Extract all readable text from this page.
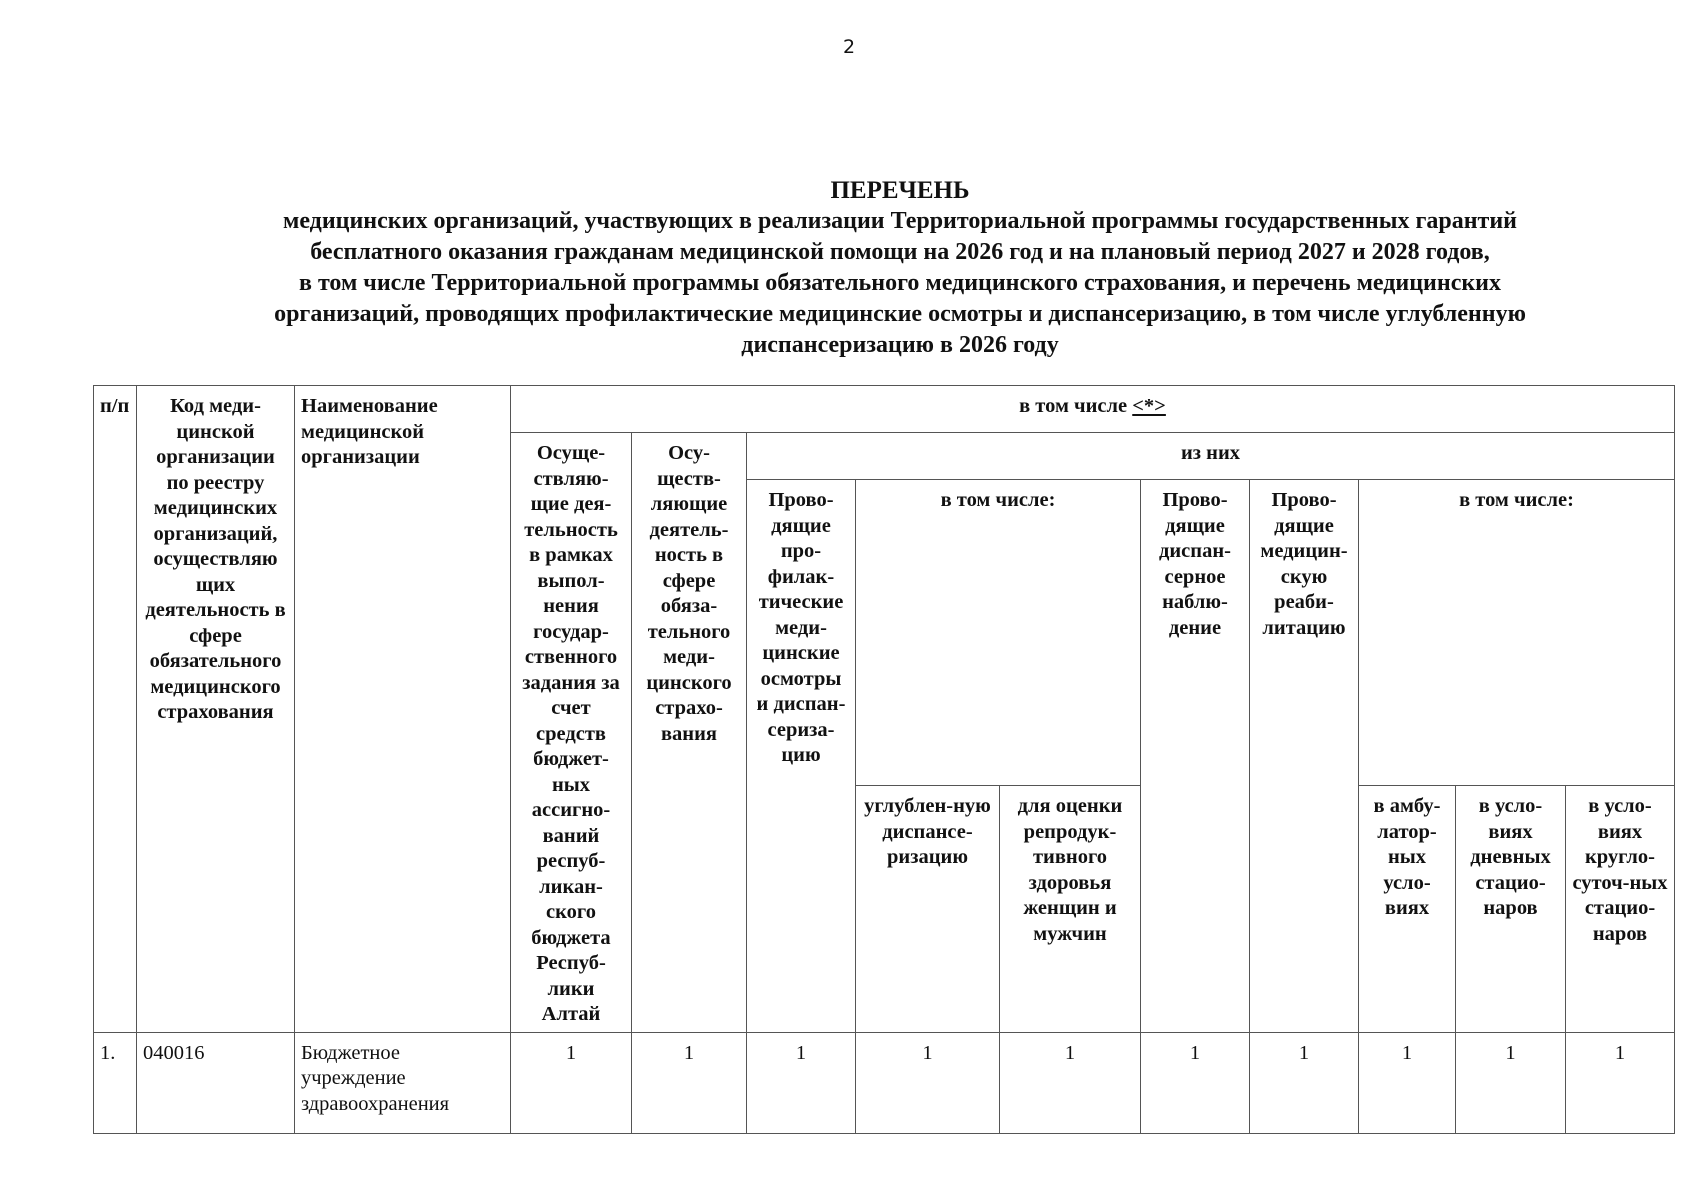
2
ПЕРЕЧЕНЬ
медицинских организаций, участвующих в реализации Территориальной программы государственных гарантий
бесплатного оказания гражданам медицинской помощи на 2026 год и на плановый период 2027 и 2028 годов,
в том числе Территориальной программы обязательного медицинского страхования, и перечень медицинских
организаций, проводящих профилактические медицинские осмотры и диспансеризацию, в том числе углубленную
диспансеризацию в 2026 году
п/п	Код меди-цинской организации по реестру медицинских организаций, осуществляю щих деятельность в сфере обязательного медицинского страхования	Наименование медицинской организации	в том числе <*>									
			Осуще-ствляю-щие дея-тельность в рамках выпол-нения государ-ственного задания за счет средств бюджет-ных ассигно-ваний респуб-ликан-ского бюджета Респуб-лики Алтай	Осу-ществ-ляющие деятель-ность в сфере обяза-тельного меди-цинского страхо-вания	из них							
					Прово-дящие про-филак-тические меди-цинские осмотры и диспан-сериза-цию	в том числе:		Прово-дящие диспан-серное наблю-дение	Прово-дящие медицин-скую реаби-литацию	в том числе:		
						углублен-ную диспансе-ризацию	для оценки репродук-тивного здоровья женщин и мужчин			в амбу-латор-ных усло-виях	в усло-виях дневных стацио-наров	в усло-виях кругло-суточ-ных стацио-наров
1.	040016	Бюджетное учреждение здравоохранения	1	1	1	1	1	1	1	1	1	1
